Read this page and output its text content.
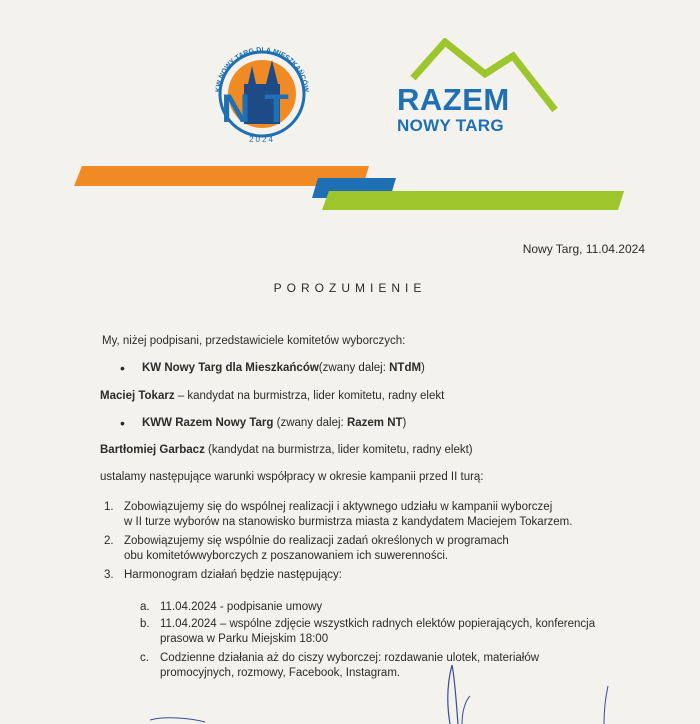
KW NOWY TARG DLA MIESZKAŃCÓW
NT
2024
RAZEM
NOWY TARG
Nowy Targ, 11.04.2024
POROZUMIENIE
My, niżej podpisani, przedstawiciele komitetów wyborczych:
• KW Nowy Targ dla Mieszkańców(zwany dalej: NTdM)
Maciej Tokarz – kandydat na burmistrza, lider komitetu, radny elekt
• KWW Razem Nowy Targ (zwany dalej: Razem NT)
Bartłomiej Garbacz (kandydat na burmistrza, lider komitetu, radny elekt)
ustalamy następujące warunki współpracy w okresie kampanii przed II turą:
1. Zobowiązujemy się do wspólnej realizacji i aktywnego udziału w kampanii wyborczej
w II turze wyborów na stanowisko burmistrza miasta z kandydatem Maciejem Tokarzem.
2. Zobowiązujemy się wspólnie do realizacji zadań określonych w programach
obu komitetówwyborczych z poszanowaniem ich suwerenności.
3. Harmonogram działań będzie następujący:
a. 11.04.2024 - podpisanie umowy
b. 11.04.2024 – wspólne zdjęcie wszystkich radnych elektów popierających, konferencja
prasowa w Parku Miejskim 18:00
c. Codzienne działania aż do ciszy wyborczej: rozdawanie ulotek, materiałów
promocyjnych, rozmowy, Facebook, Instagram.
